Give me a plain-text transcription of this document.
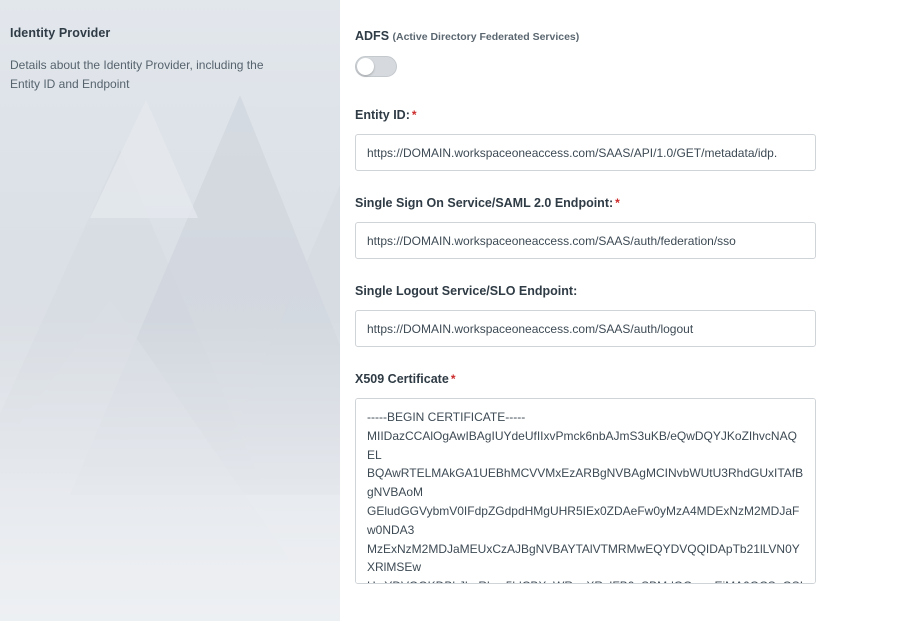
Identity Provider

Details about the Identity Provider, including the Entity ID and Endpoint

ADFS (Active Directory Federated Services)
Entity ID: *
https://DOMAIN.workspaceoneaccess.com/SAAS/API/1.0/GET/metadata/idp.
Single Sign On Service/SAML 2.0 Endpoint: *
https://DOMAIN.workspaceoneaccess.com/SAAS/auth/federation/sso
Single Logout Service/SLO Endpoint:
https://DOMAIN.workspaceoneaccess.com/SAAS/auth/logout
X509 Certificate *
-----BEGIN CERTIFICATE----- MIIDazCCAlOgAwIBAgIUYdeUfIIxvPmck6nbAJmS3uKB/eQwDQYJKoZIhvcNAQEL BQAwRTELMAkGA1UEBhMCVVMxEzARBgNVBAgMCINvbWUtU3RhdGUxITAfBgNVBAoM GEludGGVybmV0IFdpZGdpdHMgUHR5IEx0ZDAeFw0yMzA4MDExNzM2MDJaFw0NDA3 MzExNzM2MDJaMEUxCzAJBgNVBAYTAlVTMRMwEQYDVQQIDApTb21lLVN0YXRlMSEw HwYDVQQKDBhJbnRlcm5ldCBXaWRnaXRzIFB0eSBMdGQwggEiMA0GCSqGSIb3DQEB
